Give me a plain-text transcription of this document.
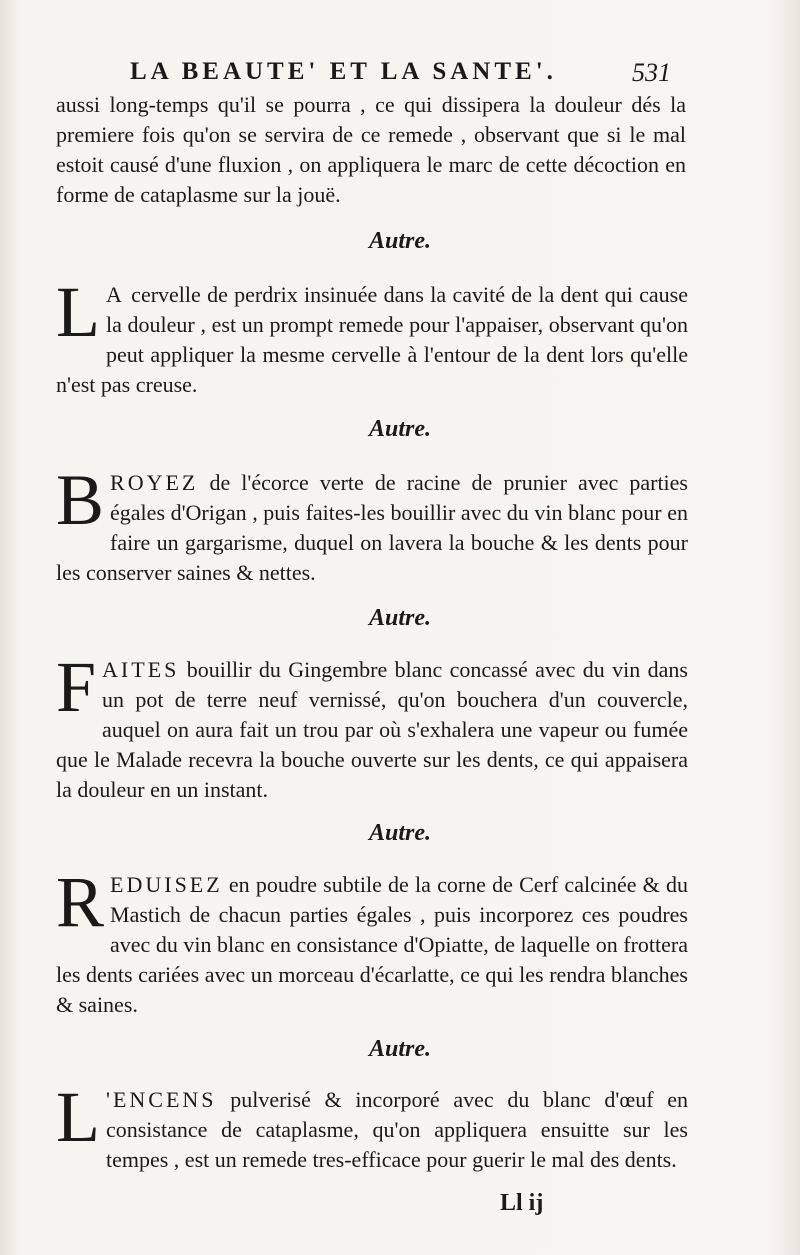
LA BEAUTE' ET LA SANTE'.	531
aussi long-temps qu'il se pourra , ce qui dissipera la douleur dés la premiere fois qu'on se servira de ce remede , observant que si le mal estoit causé d'une fluxion , on appliquera le marc de cette décoction en forme de cataplasme sur la jouë.
Autre.
L A cervelle de perdrix insinuée dans la cavité de la dent qui cause la douleur , est un prompt remede pour l'appaiser, observant qu'on peut appliquer la mesme cervelle à l'entour de la dent lors qu'elle n'est pas creuse.
Autre.
B ROYEZ de l'écorce verte de racine de prunier avec parties égales d'Origan , puis faites-les bouillir avec du vin blanc pour en faire un gargarisme, duquel on lavera la bouche & les dents pour les conserver saines & nettes.
Autre.
F AITES bouillir du Gingembre blanc concassé avec du vin dans un pot de terre neuf vernissé, qu'on bouchera d'un couvercle, auquel on aura fait un trou par où s'exhalera une vapeur ou fumée que le Malade recevra la bouche ouverte sur les dents, ce qui appaisera la douleur en un instant.
Autre.
R EDUISEZ en poudre subtile de la corne de Cerf calcinée & du Mastich de chacun parties égales , puis incorporez ces poudres avec du vin blanc en consistance d'Opiatte, de laquelle on frottera les dents cariées avec un morceau d'écarlatte, ce qui les rendra blanches & saines.
Autre.
L 'ENCENS pulverisé & incorporé avec du blanc d'œuf en consistance de cataplasme, qu'on appliquera ensuitte sur les tempes , est un remede tres-efficace pour guerir le mal des dents.
Ll ij
